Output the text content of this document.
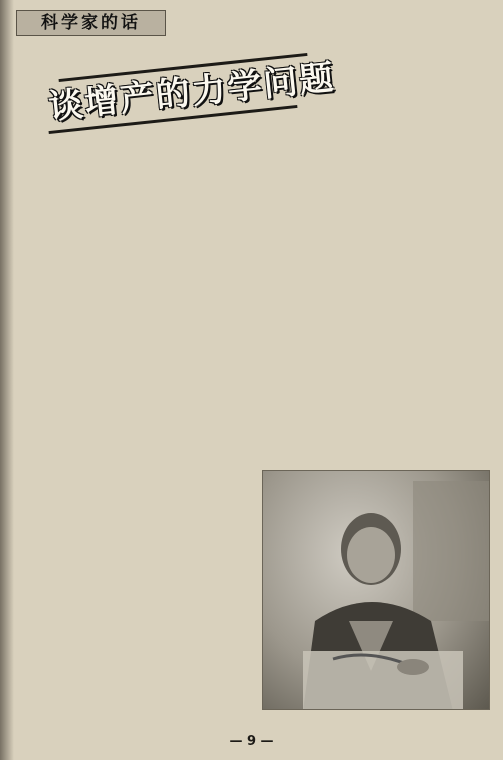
科学家的话
谈增产的力学问题

— 9 —
